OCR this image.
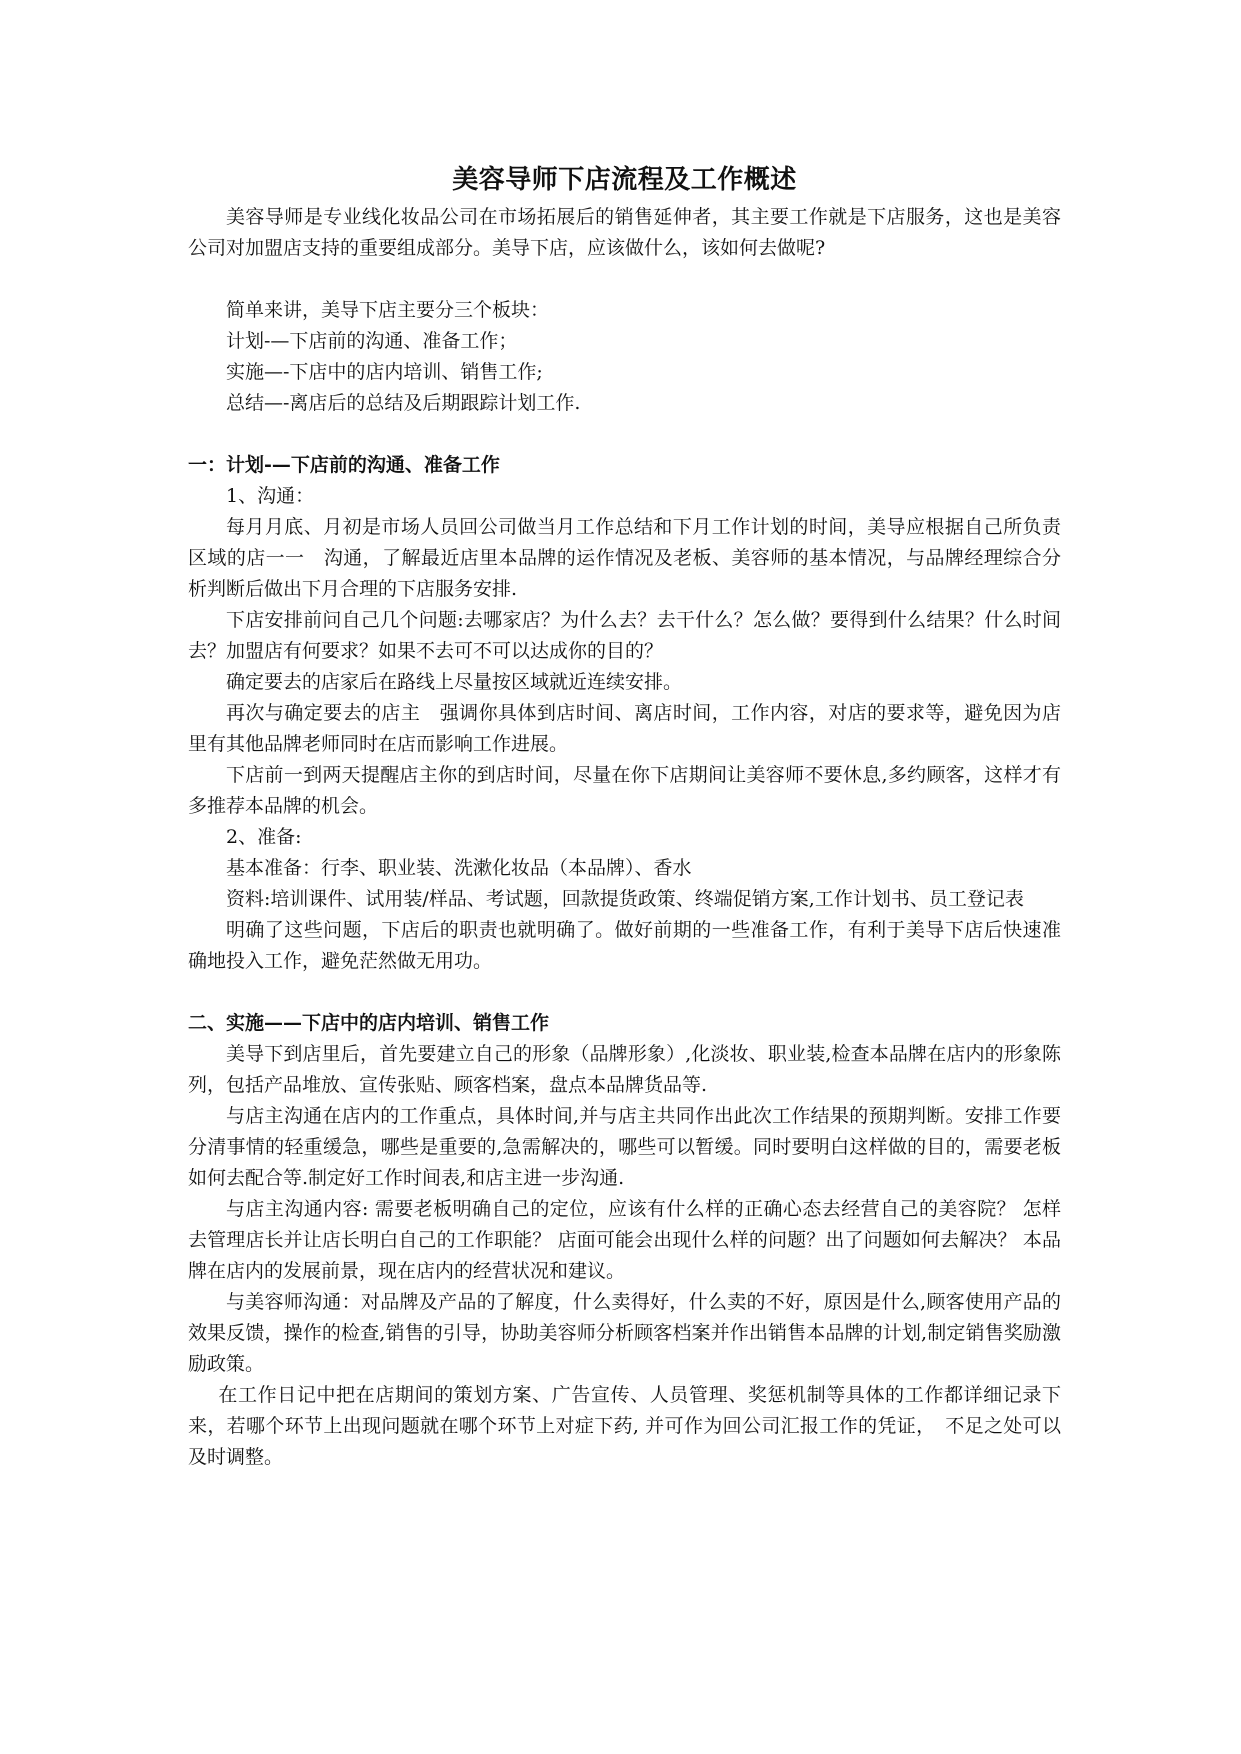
美容导师下店流程及工作概述

美容导师是专业线化妆品公司在市场拓展后的销售延伸者，其主要工作就是下店服务，这也是美容公司对加盟店支持的重要组成部分。美导下店，应该做什么，该如何去做呢?

简单来讲，美导下店主要分三个板块：

计划-—下店前的沟通、准备工作；

实施—-下店中的店内培训、销售工作;

总结—-离店后的总结及后期跟踪计划工作.

一：计划-—下店前的沟通、准备工作

1、沟通：

每月月底、月初是市场人员回公司做当月工作总结和下月工作计划的时间，美导应根据自己所负责区域的店一一　沟通，了解最近店里本品牌的运作情况及老板、美容师的基本情况，与品牌经理综合分析判断后做出下月合理的下店服务安排.

下店安排前问自己几个问题:去哪家店？为什么去？去干什么？怎么做？要得到什么结果？什么时间去？加盟店有何要求？如果不去可不可以达成你的目的？

确定要去的店家后在路线上尽量按区域就近连续安排。

再次与确定要去的店主　强调你具体到店时间、离店时间，工作内容，对店的要求等，避免因为店里有其他品牌老师同时在店而影响工作进展。

下店前一到两天提醒店主你的到店时间，尽量在你下店期间让美容师不要休息,多约顾客，这样才有多推荐本品牌的机会。

2、准备:

基本准备：行李、职业装、洗漱化妆品（本品牌）、香水

资料:培训课件、试用装/样品、考试题，回款提货政策、终端促销方案,工作计划书、员工登记表

明确了这些问题，下店后的职责也就明确了。做好前期的一些准备工作，有利于美导下店后快速准确地投入工作，避免茫然做无用功。

二、实施——下店中的店内培训、销售工作

美导下到店里后，首先要建立自己的形象（品牌形象）,化淡妆、职业装,检查本品牌在店内的形象陈列，包括产品堆放、宣传张贴、顾客档案，盘点本品牌货品等.

与店主沟通在店内的工作重点，具体时间,并与店主共同作出此次工作结果的预期判断。安排工作要分清事情的轻重缓急，哪些是重要的,急需解决的，哪些可以暂缓。同时要明白这样做的目的，需要老板如何去配合等.制定好工作时间表,和店主进一步沟通.

与店主沟通内容: 需要老板明确自己的定位，应该有什么样的正确心态去经营自己的美容院？ 怎样去管理店长并让店长明白自己的工作职能？ 店面可能会出现什么样的问题？出了问题如何去解决？ 本品牌在店内的发展前景，现在店内的经营状况和建议。

与美容师沟通：对品牌及产品的了解度，什么卖得好，什么卖的不好，原因是什么,顾客使用产品的效果反馈，操作的检查,销售的引导，协助美容师分析顾客档案并作出销售本品牌的计划,制定销售奖励激励政策。

在工作日记中把在店期间的策划方案、广告宣传、人员管理、奖惩机制等具体的工作都详细记录下来，若哪个环节上出现问题就在哪个环节上对症下药, 并可作为回公司汇报工作的凭证，　不足之处可以及时调整。
